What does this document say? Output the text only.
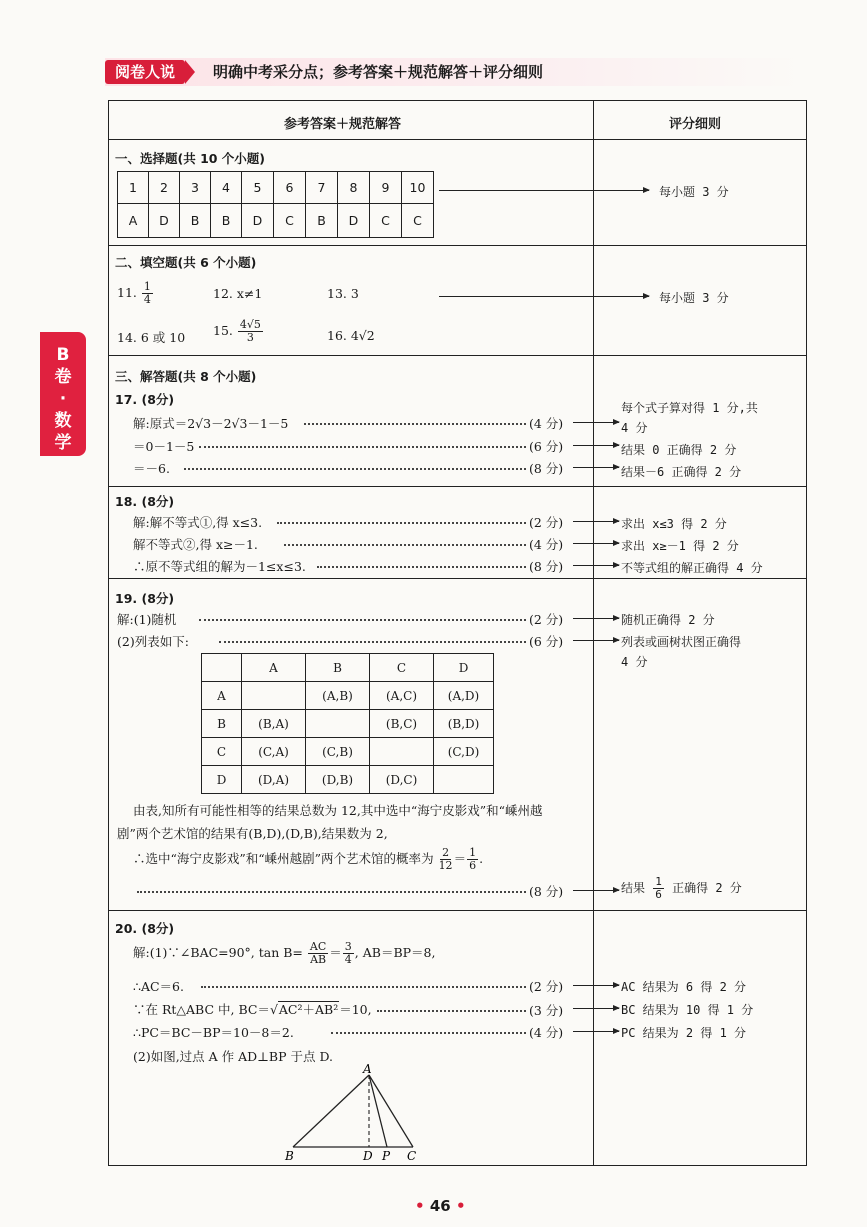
阅卷人说	明确中考采分点；参考答案＋规范解答＋评分细则
B
卷
·
数
学
参考答案＋规范解答	评分细则
一、选择题(共 10 个小题)
1	2	3	4	5	6	7	8	9	10
A	D	B	B	D	C	B	D	C	C
每小题 3 分
二、填空题(共 6 个小题)
11. $\frac{1}{4}$	12. x≠1	13. 3
14. 6 或 10 15. $\frac{4√5}{3}$	16. 4√2
每小题 3 分
三、解答题(共 8 个小题)
17. (8分)
解:原式＝2√3－2√3－1－5	(4 分)
＝0－1－5	(6 分)
＝－6.	(8 分)
每个式子算对得 1 分,共
4 分
结果 0 正确得 2 分
结果－6 正确得 2 分
18. (8分)
解:解不等式①,得 x≤3.	(2 分)
解不等式②,得 x≥－1.	(4 分)
∴原不等式组的解为－1≤x≤3.	(8 分)
求出 x≤3 得 2 分
求出 x≥－1 得 2 分
不等式组的解正确得 4 分
19. (8分)
解:(1)随机	(2 分)
(2)列表如下:	(6 分)
随机正确得 2 分
列表或画树状图正确得
4 分
	A	B	C	D
A		(A,B)	(A,C)	(A,D)
B	(B,A)		(B,C)	(B,D)
C	(C,A)	(C,B)		(C,D)
D	(D,A)	(D,B)	(D,C)	
由表,知所有可能性相等的结果总数为 12,其中选中“海宁皮影戏”和“嵊州越
剧”两个艺术馆的结果有(B,D),(D,B),结果数为 2,
∴选中“海宁皮影戏”和“嵊州越剧”两个艺术馆的概率为 $\frac{2}{12} = \frac{1}{6}$ .
(8 分)	结果 $\frac{1}{6}$ 正确得 2 分
20. (8分)
解:(1)∵∠BAC=90°, $\tan B= \frac{AC}{AB} = \frac{3}{4}$ , AB＝BP＝8,
∴AC＝6.	(2 分)
∵在 Rt△ABC 中, BC＝√AC²＋AB²＝10,	(3 分)
∴PC＝BC－BP＝10－8＝2.	(4 分)
(2)如图,过点 A 作 AD⊥BP 于点 D.
AC 结果为 6 得 2 分
BC 结果为 10 得 1 分
PC 结果为 2 得 1 分
A
B	D P C
• 46 •
